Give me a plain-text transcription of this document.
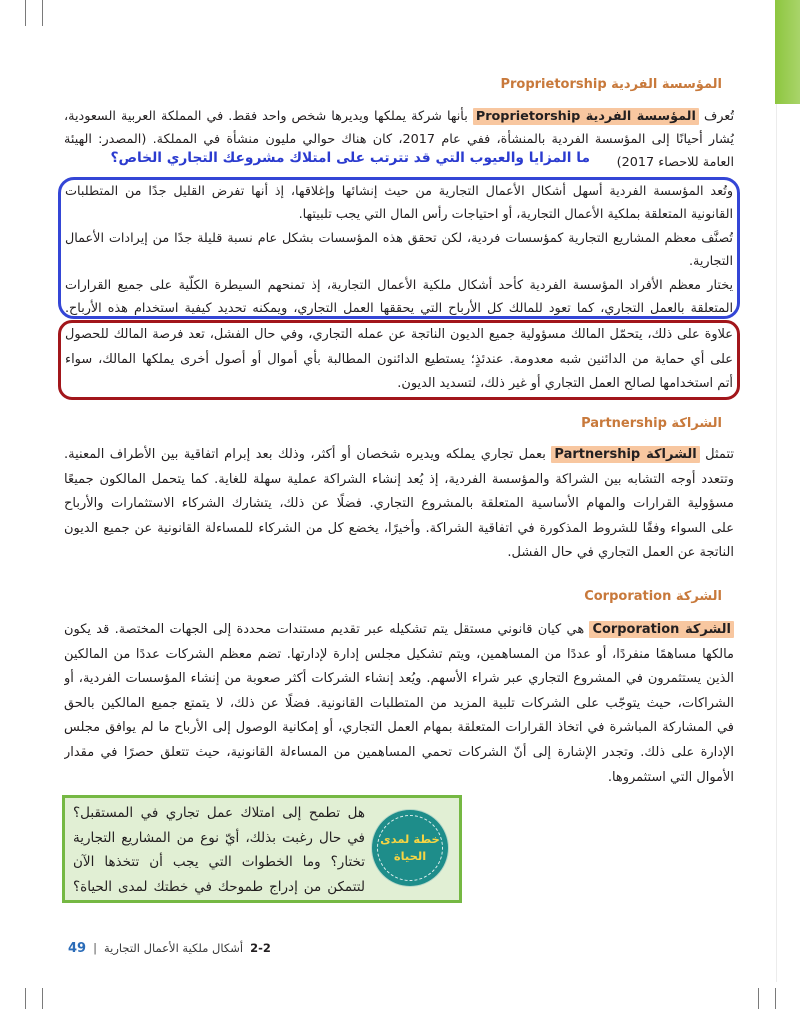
المؤسسة الفردية Proprietorship
تُعرف المؤسسة الفردية Proprietorship بأنها شركة يملكها ويديرها شخص واحد فقط. في المملكة العربية السعودية،
يُشار أحيانًا إلى المؤسسة الفردية بالمنشأة، ففي عام 2017، كان هناك حوالي مليون منشأة في المملكة. (المصدر: الهيئة
العامة للاحصاء 2017)
ما المزايا والعيوب التي قد تترتب على امتلاك مشروعك التجاري الخاص؟
وتُعد المؤسسة الفردية أسهل أشكال الأعمال التجارية من حيث إنشائها وإغلاقها، إذ أنها تفرض القليل جدًا من المتطلبات
القانونية المتعلقة بملكية الأعمال التجارية، أو احتياجات رأس المال التي يجب تلبيتها.
تُصنَّف معظم المشاريع التجارية كمؤسسات فردية، لكن تحقق هذه المؤسسات بشكل عام نسبة قليلة جدًا من إيرادات الأعمال
التجارية.
يختار معظم الأفراد المؤسسة الفردية كأحد أشكال ملكية الأعمال التجارية، إذ تمنحهم السيطرة الكلّية على جميع القرارات
المتعلقة بالعمل التجاري، كما تعود للمالك كل الأرباح التي يحققها العمل التجاري، ويمكنه تحديد كيفية استخدام هذه الأرباح.
علاوة على ذلك، يتحمّل المالك مسؤولية جميع الديون الناتجة عن عمله التجاري، وفي حال الفشل، تعد فرصة المالك للحصول
على أي حماية من الدائنين شبه معدومة. عندئذٍ؛ يستطيع الدائنون المطالبة بأي أموال أو أصول أخرى يملكها المالك، سواء
أتم استخدامها لصالح العمل التجاري أو غير ذلك، لتسديد الديون.
الشراكة Partnership
تتمثل الشراكة Partnership بعمل تجاري يملكه ويديره شخصان أو أكثر، وذلك بعد إبرام اتفاقية بين الأطراف المعنية.
وتتعدد أوجه التشابه بين الشراكة والمؤسسة الفردية، إذ يُعد إنشاء الشراكة عملية سهلة للغاية. كما يتحمل المالكون جميعًا
مسؤولية القرارات والمهام الأساسية المتعلقة بالمشروع التجاري. فضلًا عن ذلك، يتشارك الشركاء الاستثمارات والأرباح
على السواء وفقًا للشروط المذكورة في اتفاقية الشراكة. وأخيرًا، يخضع كل من الشركاء للمساءلة القانونية عن جميع الديون
الناتجة عن العمل التجاري في حال الفشل.
الشركة Corporation
الشركة Corporation هي كيان قانوني مستقل يتم تشكيله عبر تقديم مستندات محددة إلى الجهات المختصة. قد يكون
مالكها مساهمًا منفردًا، أو عددًا من المساهمين، ويتم تشكيل مجلس إدارة لإدارتها. تضم معظم الشركات عددًا من المالكين
الذين يستثمرون في المشروع التجاري عبر شراء الأسهم. ويُعد إنشاء الشركات أكثر صعوبة من إنشاء المؤسسات الفردية، أو
الشراكات، حيث يتوجّب على الشركات تلبية المزيد من المتطلبات القانونية. فضلًا عن ذلك، لا يتمتع جميع المالكين بالحق
في المشاركة المباشرة في اتخاذ القرارات المتعلقة بمهام العمل التجاري، أو إمكانية الوصول إلى الأرباح ما لم يوافق مجلس
الإدارة على ذلك. وتجدر الإشارة إلى أنّ الشركات تحمي المساهمين من المساءلة القانونية، حيث تتعلق حصرًا في مقدار
الأموال التي استثمروها.
هل تطمح إلى امتلاك عمل تجاري في المستقبل؟
في حال رغبت بذلك، أيّ نوع من المشاريع التجارية
تختار؟ وما الخطوات التي يجب أن تتخذها الآن
لتتمكن من إدراج طموحك في خطتك لمدى الحياة؟
خطة لمدى
الحياة
2-2
أشكال ملكية الأعمال التجارية
|
49
